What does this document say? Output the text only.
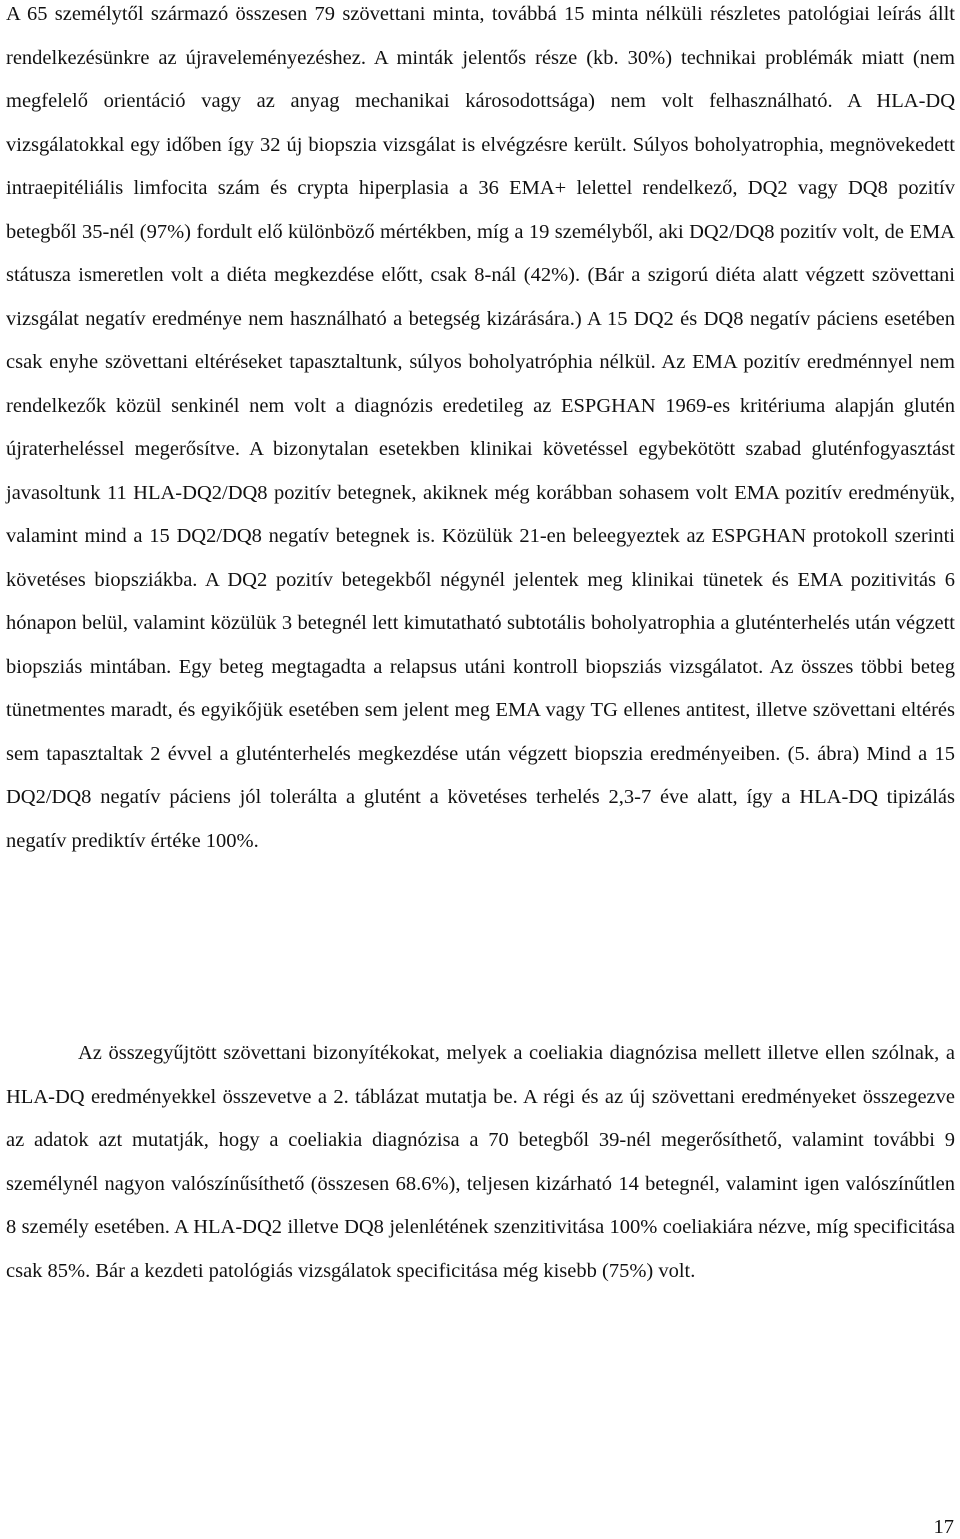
A 65 személytől származó összesen 79 szövettani minta, továbbá 15 minta nélküli részletes patológiai leírás állt rendelkezésünkre az újraveleményezéshez. A minták jelentős része (kb. 30%) technikai problémák miatt (nem megfelelő orientáció vagy az anyag mechanikai károsodottsága) nem volt felhasználható. A HLA-DQ vizsgálatokkal egy időben így 32 új biopszia vizsgálat is elvégzésre került. Súlyos boholyatrophia, megnövekedett intraepitéliális limfocita szám és crypta hiperplasia a 36 EMA+ lelettel rendelkező, DQ2 vagy DQ8 pozitív betegből 35-nél (97%) fordult elő különböző mértékben, míg a 19 személyből, aki DQ2/DQ8 pozitív volt, de EMA státusza ismeretlen volt a diéta megkezdése előtt, csak 8-nál (42%). (Bár a szigorú diéta alatt végzett szövettani vizsgálat negatív eredménye nem használható a betegség kizárására.) A 15 DQ2 és DQ8 negatív páciens esetében csak enyhe szövettani eltéréseket tapasztaltunk, súlyos boholyatróphia nélkül. Az EMA pozitív eredménnyel nem rendelkezők közül senkinél nem volt a diagnózis eredetileg az ESPGHAN 1969-es kritériuma alapján glutén újraterheléssel megerősítve. A bizonytalan esetekben klinikai követéssel egybekötött szabad gluténfogyasztást javasoltunk 11 HLA-DQ2/DQ8 pozitív betegnek, akiknek még korábban sohasem volt EMA pozitív eredményük, valamint mind a 15 DQ2/DQ8 negatív betegnek is. Közülük 21-en beleegyeztek az ESPGHAN protokoll szerinti követéses biopsziákba. A DQ2 pozitív betegekből négynél jelentek meg klinikai tünetek és EMA pozitivitás 6 hónapon belül, valamint közülük 3 betegnél lett kimutatható subtotális boholyatrophia a gluténterhelés után végzett biopsziás mintában. Egy beteg megtagadta a relapsus utáni kontroll biopsziás vizsgálatot. Az összes többi beteg tünetmentes maradt, és egyikőjük esetében sem jelent meg EMA vagy TG ellenes antitest, illetve szövettani eltérés sem tapasztaltak 2 évvel a gluténterhelés megkezdése után végzett biopszia eredményeiben. (5. ábra) Mind a 15 DQ2/DQ8 negatív páciens jól tolerálta a glutént a követéses terhelés 2,3-7 éve alatt, így a HLA-DQ tipizálás negatív prediktív értéke 100%.

Az összegyűjtött szövettani bizonyítékokat, melyek a coeliakia diagnózisa mellett illetve ellen szólnak, a HLA-DQ eredményekkel összevetve a 2. táblázat mutatja be. A régi és az új szövettani eredményeket összegezve az adatok azt mutatják, hogy a coeliakia diagnózisa a 70 betegből 39-nél megerősíthető, valamint további 9 személynél nagyon valószínűsíthető (összesen 68.6%), teljesen kizárható 14 betegnél, valamint igen valószínűtlen 8 személy esetében. A HLA-DQ2 illetve DQ8 jelenlétének szenzitivitása 100% coeliakiára nézve, míg specificitása csak 85%. Bár a kezdeti patológiás vizsgálatok specificitása még kisebb (75%) volt.

17
